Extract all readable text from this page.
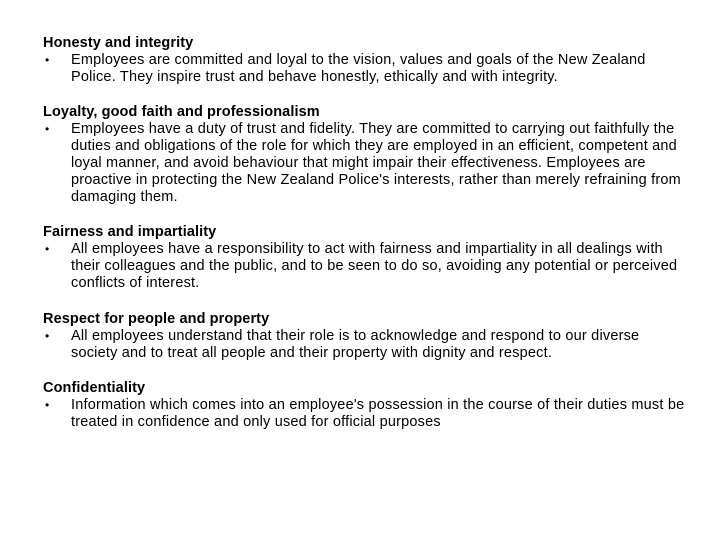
Honesty and integrity
• Employees are committed and loyal to the vision, values and goals of the New Zealand Police. They inspire trust and behave honestly, ethically and with integrity.
Loyalty, good faith and professionalism
• Employees have a duty of trust and fidelity. They are committed to carrying out faithfully the duties and obligations of the role for which they are employed in an efficient, competent and loyal manner, and avoid behaviour that might impair their effectiveness. Employees are proactive in protecting the New Zealand Police's interests, rather than merely refraining from damaging them.
Fairness and impartiality
• All employees have a responsibility to act with fairness and impartiality in all dealings with their colleagues and the public, and to be seen to do so, avoiding any potential or perceived conflicts of interest.
Respect for people and property
• All employees understand that their role is to acknowledge and respond to our diverse society and to treat all people and their property with dignity and respect.
Confidentiality
• Information which comes into an employee's possession in the course of their duties must be treated in confidence and only used for official purposes
